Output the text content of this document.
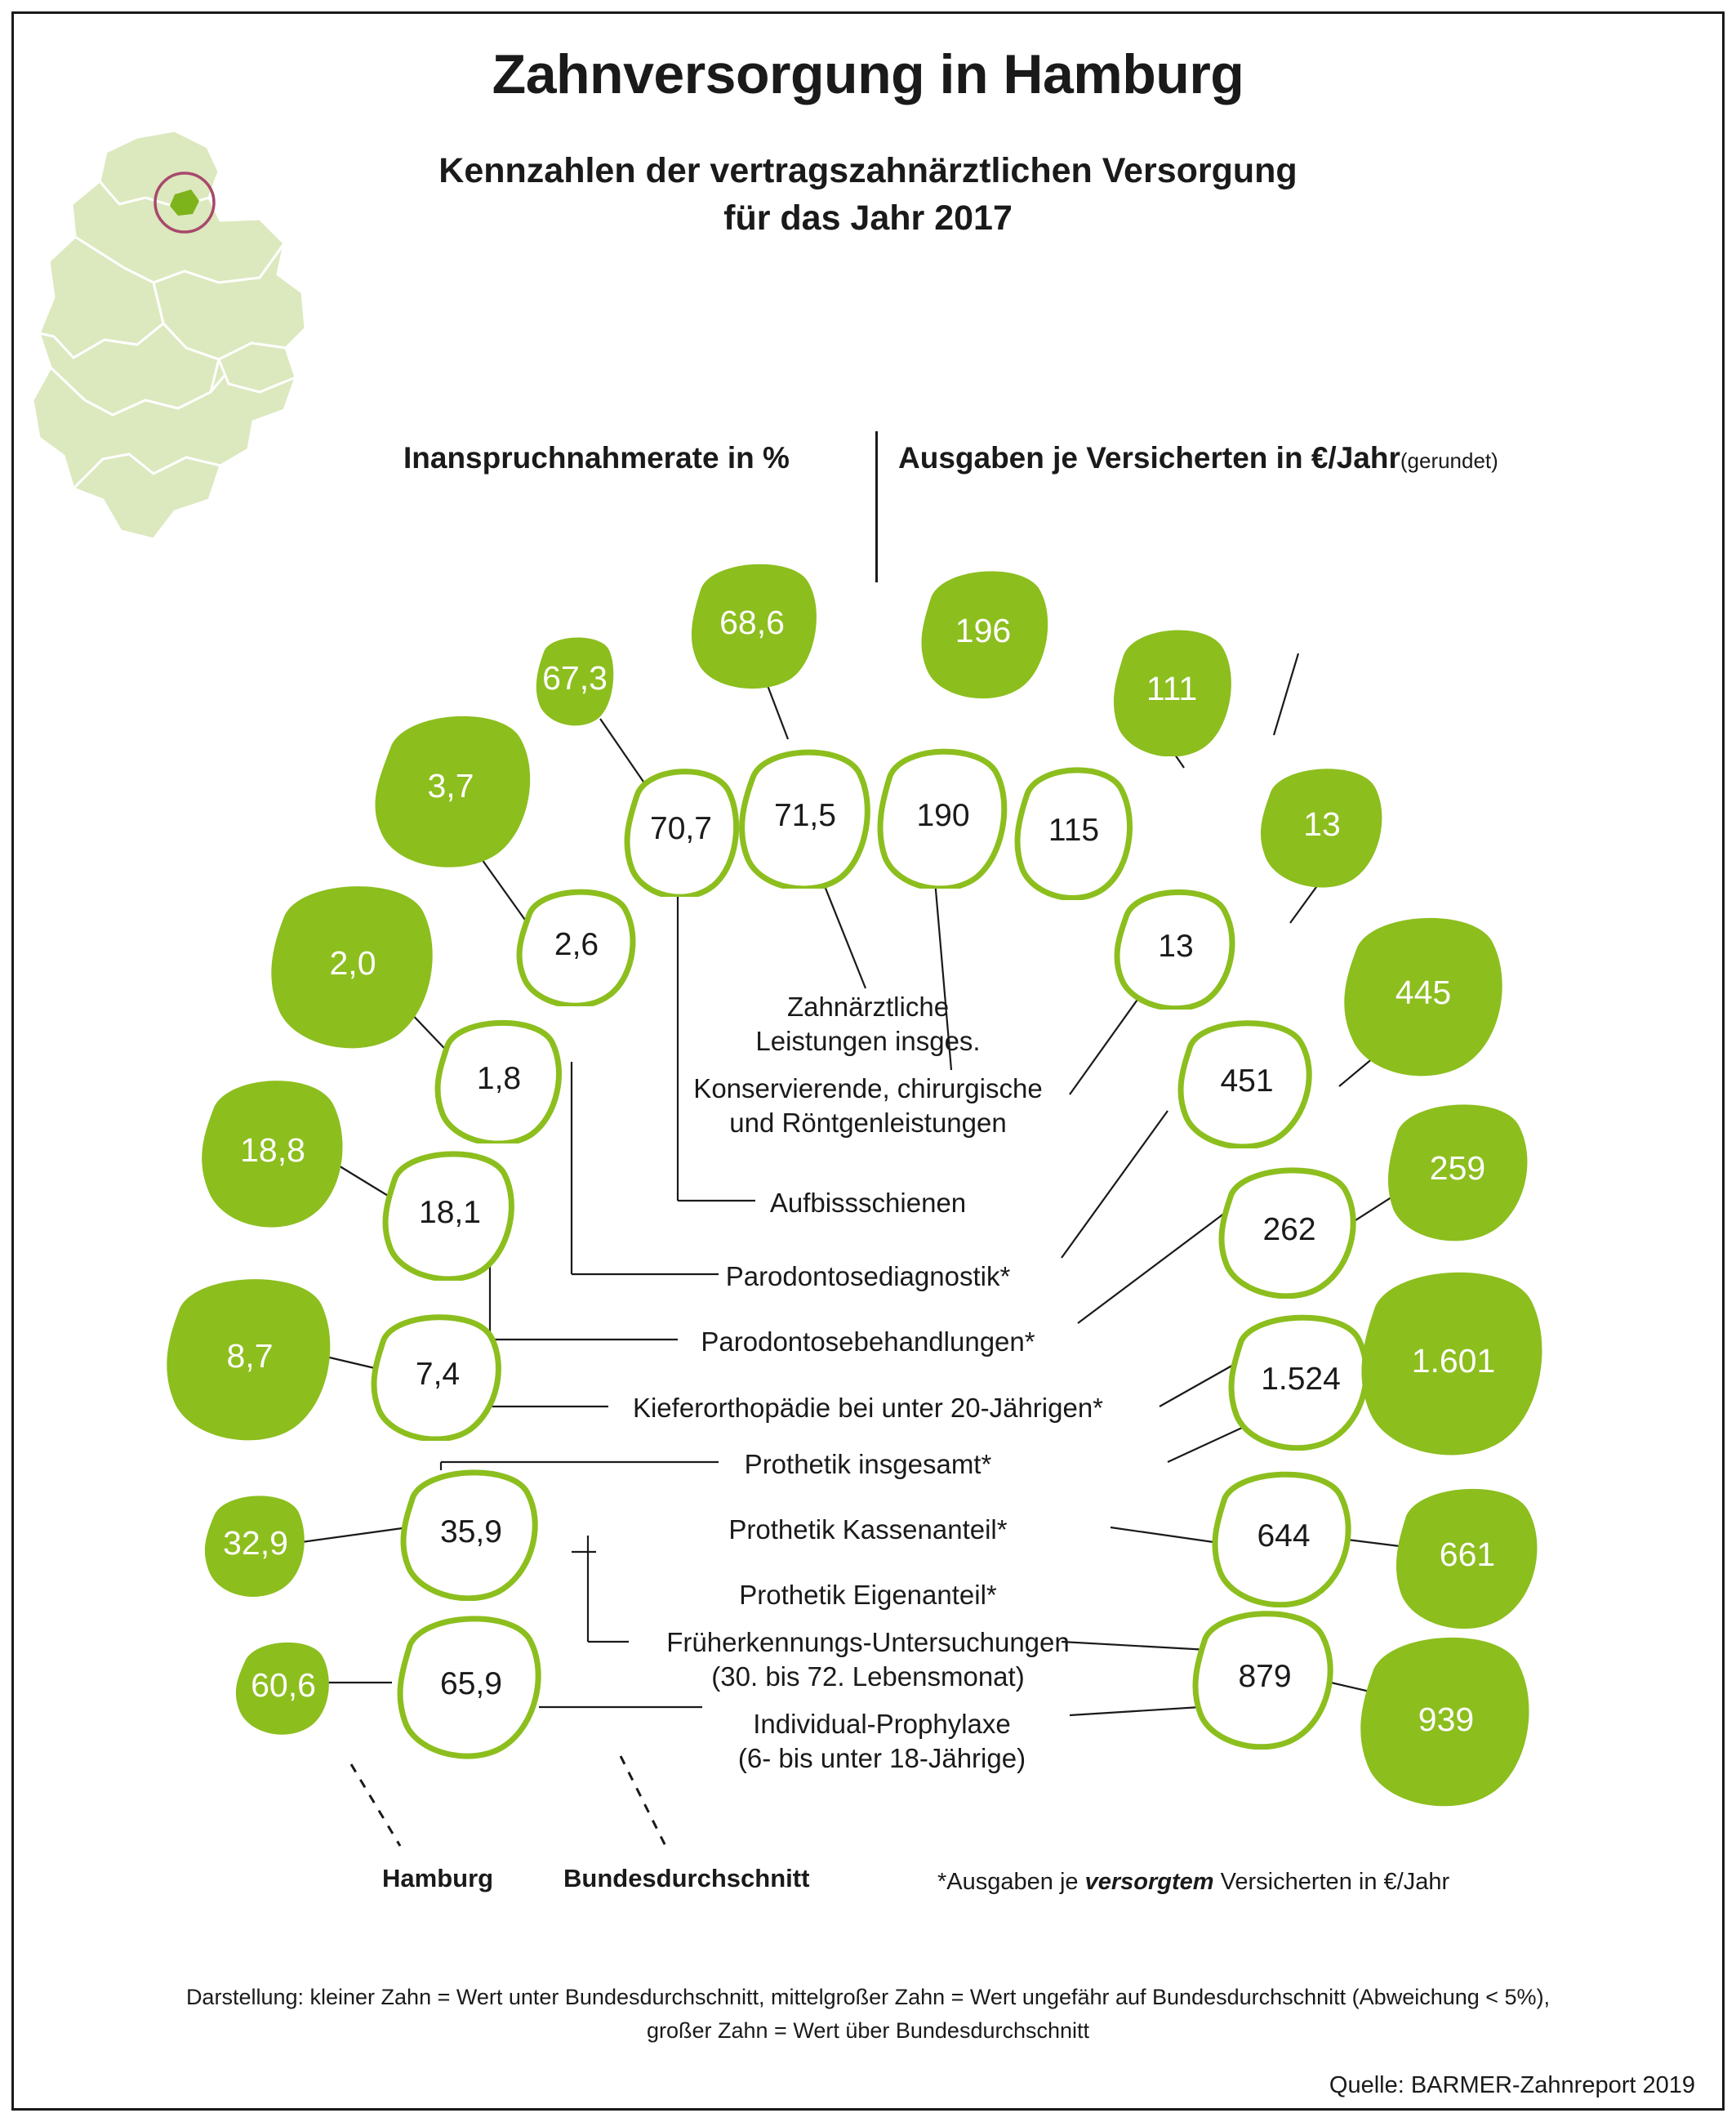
Zahnversorgung in Hamburg
Kennzahlen der vertragszahnärztlichen Versorgung
für das Jahr 2017
Inanspruchnahmerate in %	Ausgaben je Versicherten in €/Jahr(gerundet)
67,3
68,6
3,7
2,0
18,8
8,7
32,9
60,6
70,7 71,5
2,6
1,8
18,1
7,4
35,9
65,9
190 115
13
451
262
1.524
644
879
196
111
13
445
259
1.601
661
939
Zahnärztliche
Leistungen insges.
Konservierende, chirurgische
und Röntgenleistungen
Aufbissschienen
Parodontosediagnostik*
Parodontosebehandlungen*
Kieferorthopädie bei unter 20-Jährigen*
Prothetik insgesamt*
Prothetik Kassenanteil*
Prothetik Eigenanteil*
Früherkennungs-Untersuchungen
(30. bis 72. Lebensmonat)
Individual-Prophylaxe
(6- bis unter 18-Jährige)
Hamburg	Bundesdurchschnitt	*Ausgaben je versorgtem Versicherten in €/Jahr
Darstellung: kleiner Zahn = Wert unter Bundesdurchschnitt, mittelgroßer Zahn = Wert ungefähr auf Bundesdurchschnitt (Abweichung < 5%),
großer Zahn = Wert über Bundesdurchschnitt
Quelle: BARMER-Zahnreport 2019
